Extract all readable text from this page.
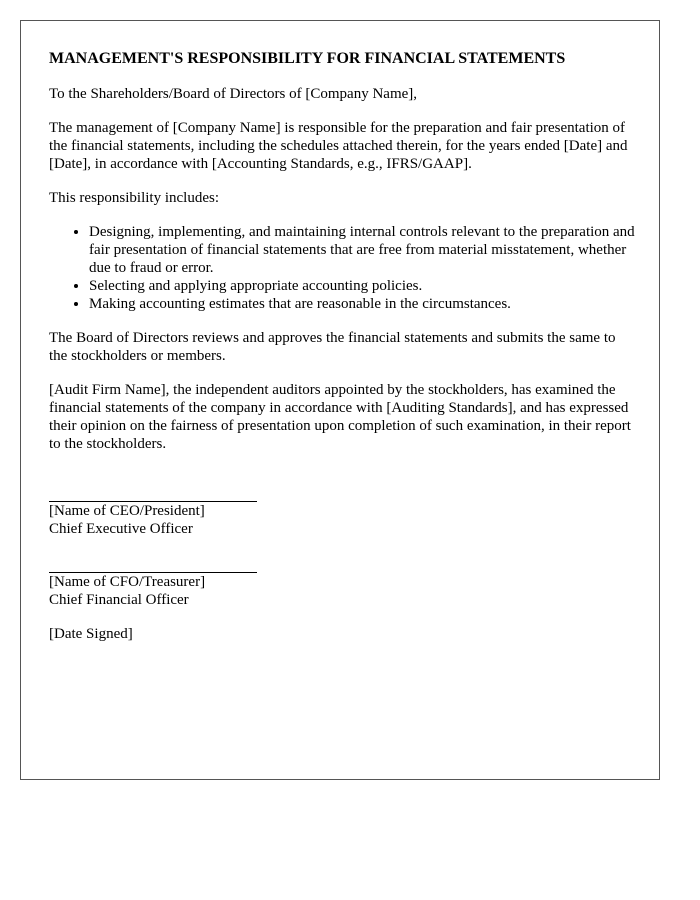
MANAGEMENT'S RESPONSIBILITY FOR FINANCIAL STATEMENTS

To the Shareholders/Board of Directors of [Company Name],

The management of [Company Name] is responsible for the preparation and fair presentation of the financial statements, including the schedules attached therein, for the years ended [Date] and [Date], in accordance with [Accounting Standards, e.g., IFRS/GAAP].

This responsibility includes:

• Designing, implementing, and maintaining internal controls relevant to the preparation and fair presentation of financial statements that are free from material misstatement, whether due to fraud or error.
• Selecting and applying appropriate accounting policies.
• Making accounting estimates that are reasonable in the circumstances.

The Board of Directors reviews and approves the financial statements and submits the same to the stockholders or members.

[Audit Firm Name], the independent auditors appointed by the stockholders, has examined the financial statements of the company in accordance with [Auditing Standards], and has expressed their opinion on the fairness of presentation upon completion of such examination, in their report to the stockholders.

[Name of CEO/President]
Chief Executive Officer
[Name of CFO/Treasurer]
Chief Financial Officer
[Date Signed]
